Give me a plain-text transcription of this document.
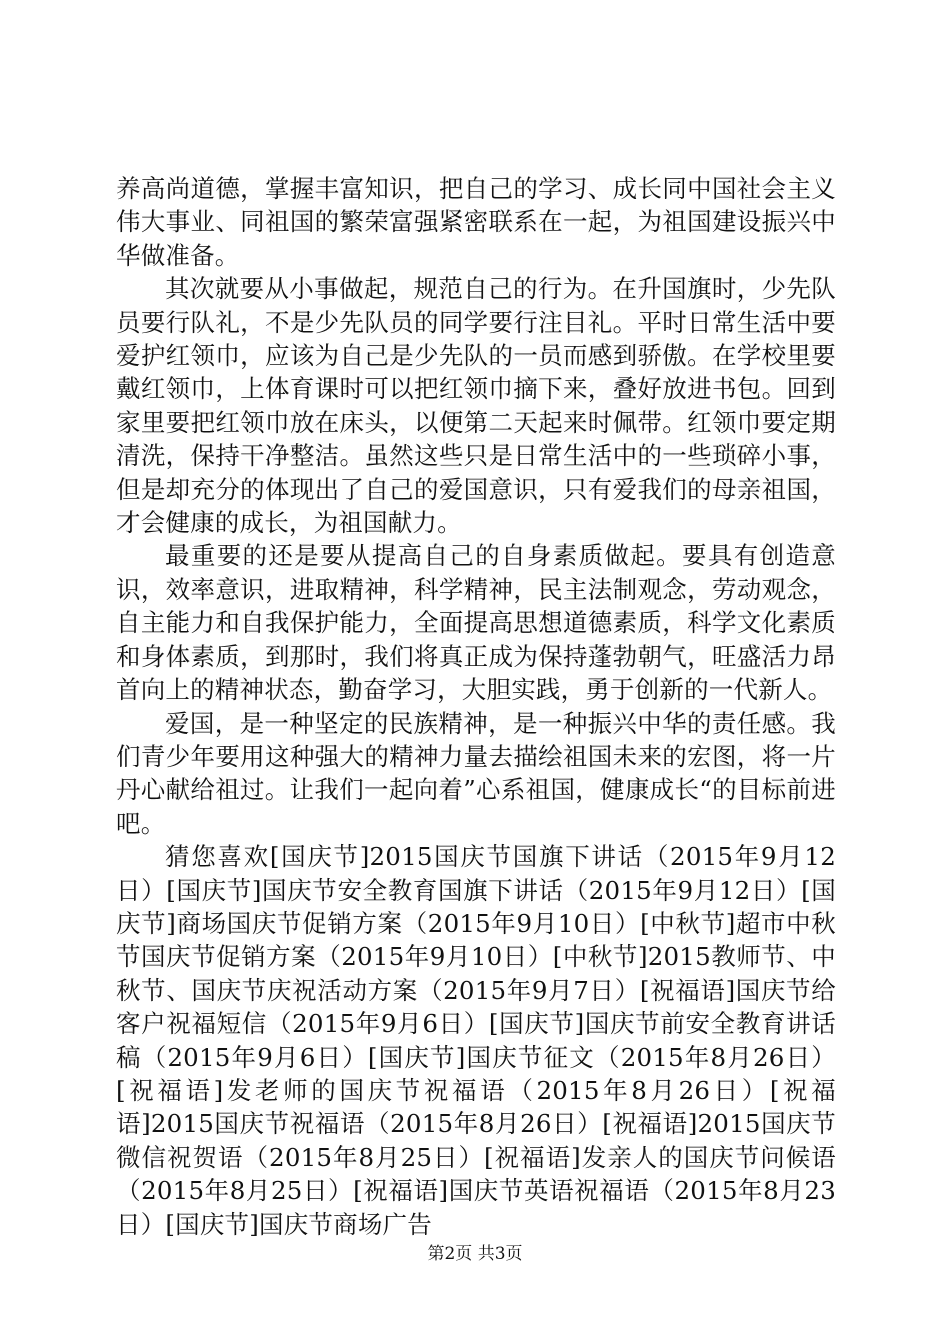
养高尚道德，掌握丰富知识，把自己的学习、成长同中国社会主义伟大事业、同祖国的繁荣富强紧密联系在一起，为祖国建设振兴中华做准备。

其次就要从小事做起，规范自己的行为。在升国旗时，少先队员要行队礼，不是少先队员的同学要行注目礼。平时日常生活中要爱护红领巾，应该为自己是少先队的一员而感到骄傲。在学校里要戴红领巾，上体育课时可以把红领巾摘下来，叠好放进书包。回到家里要把红领巾放在床头，以便第二天起来时佩带。红领巾要定期清洗，保持干净整洁。虽然这些只是日常生活中的一些琐碎小事，但是却充分的体现出了自己的爱国意识，只有爱我们的母亲祖国，才会健康的成长，为祖国献力。

最重要的还是要从提高自己的自身素质做起。要具有创造意识，效率意识，进取精神，科学精神，民主法制观念，劳动观念，自主能力和自我保护能力，全面提高思想道德素质，科学文化素质和身体素质，到那时，我们将真正成为保持蓬勃朝气，旺盛活力昂首向上的精神状态，勤奋学习，大胆实践，勇于创新的一代新人。

爱国，是一种坚定的民族精神，是一种振兴中华的责任感。我们青少年要用这种强大的精神力量去描绘祖国未来的宏图，将一片丹心献给祖过。让我们一起向着”心系祖国，健康成长“的目标前进吧。

猜您喜欢[国庆节]2015国庆节国旗下讲话（2015年9月12日）[国庆节]国庆节安全教育国旗下讲话（2015年9月12日）[国庆节]商场国庆节促销方案（2015年9月10日）[中秋节]超市中秋节国庆节促销方案（2015年9月10日）[中秋节]2015教师节、中秋节、国庆节庆祝活动方案（2015年9月7日）[祝福语]国庆节给客户祝福短信（2015年9月6日）[国庆节]国庆节前安全教育讲话稿（2015年9月6日）[国庆节]国庆节征文（2015年8月26日）[祝福语]发老师的国庆节祝福语（2015年8月26日）[祝福语]2015国庆节祝福语（2015年8月26日）[祝福语]2015国庆节微信祝贺语（2015年8月25日）[祝福语]发亲人的国庆节问候语（2015年8月25日）[祝福语]国庆节英语祝福语（2015年8月23日）[国庆节]国庆节商场广告

第2页 共3页
